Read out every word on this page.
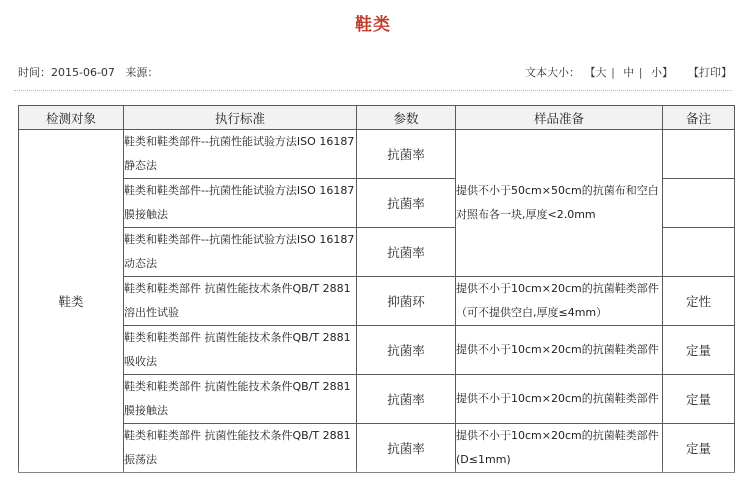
鞋类
时间：2015-06-07 来源：	文本大小： 【大 | 中 | 小】 【打印】
检测对象	执行标准	参数	样品准备	备注
鞋类	鞋类和鞋类部件--抗菌性能试验方法ISO 16187 静态法	抗菌率	提供不小于50cm×50cm的抗菌布和空白对照布各一块,厚度<2.0mm	
	鞋类和鞋类部件--抗菌性能试验方法ISO 16187 膜接触法	抗菌率		
	鞋类和鞋类部件--抗菌性能试验方法ISO 16187 动态法	抗菌率		
	鞋类和鞋类部件 抗菌性能技术条件QB/T 2881 溶出性试验	抑菌环	提供不小于10cm×20cm的抗菌鞋类部件（可不提供空白,厚度≤4mm）	定性
	鞋类和鞋类部件 抗菌性能技术条件QB/T 2881 吸收法	抗菌率	提供不小于10cm×20cm的抗菌鞋类部件	定量
	鞋类和鞋类部件 抗菌性能技术条件QB/T 2881 膜接触法	抗菌率	提供不小于10cm×20cm的抗菌鞋类部件	定量
	鞋类和鞋类部件 抗菌性能技术条件QB/T 2881 振荡法	抗菌率	提供不小于10cm×20cm的抗菌鞋类部件 (D≤1mm)	定量
